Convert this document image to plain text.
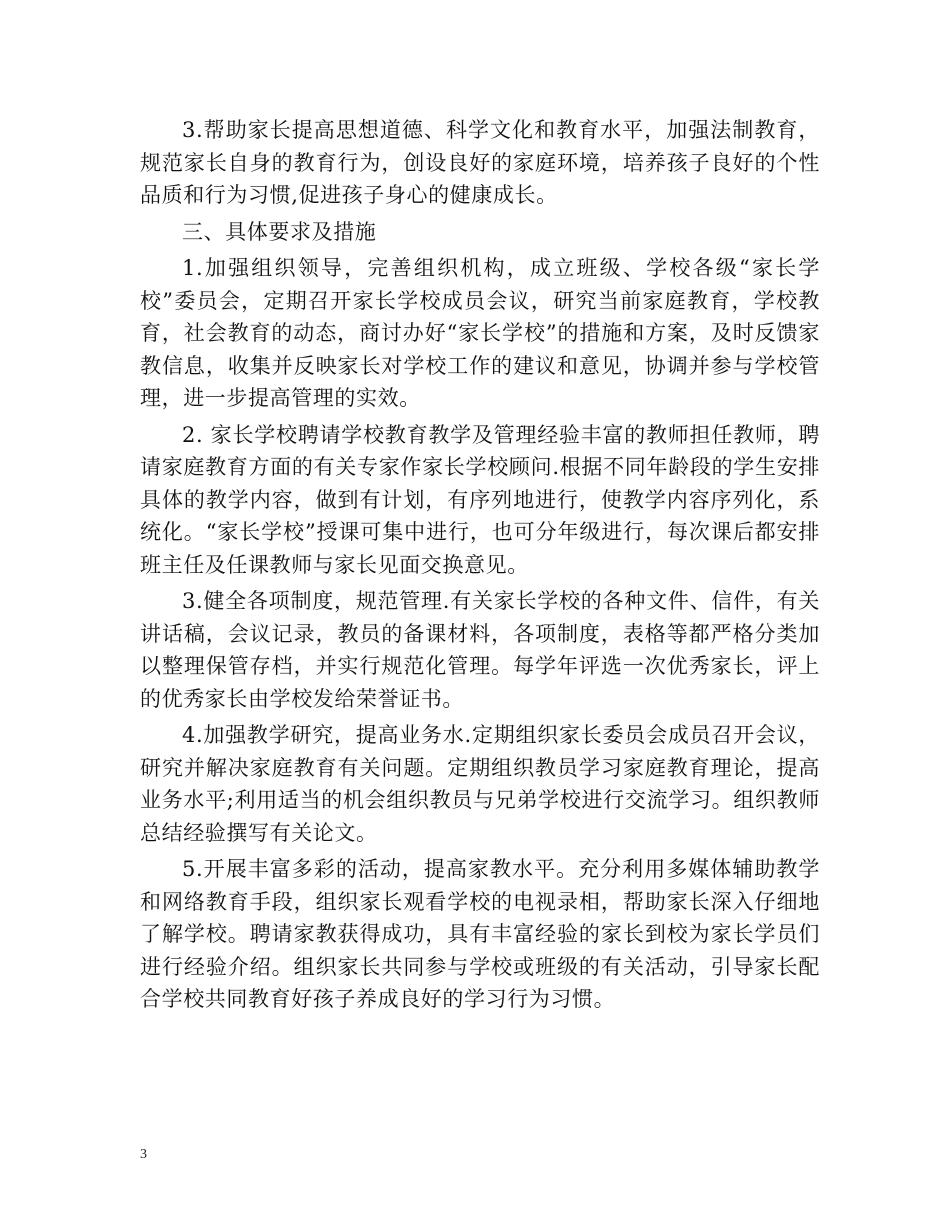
3.帮助家长提高思想道德、科学文化和教育水平，加强法制教育，规范家长自身的教育行为，创设良好的家庭环境，培养孩子良好的个性品质和行为习惯,促进孩子身心的健康成长。

三、具体要求及措施

1.加强组织领导，完善组织机构，成立班级、学校各级“家长学校”委员会，定期召开家长学校成员会议，研究当前家庭教育，学校教育，社会教育的动态，商讨办好“家长学校”的措施和方案，及时反馈家教信息，收集并反映家长对学校工作的建议和意见，协调并参与学校管理，进一步提高管理的实效。

2. 家长学校聘请学校教育教学及管理经验丰富的教师担任教师，聘请家庭教育方面的有关专家作家长学校顾问.根据不同年龄段的学生安排具体的教学内容，做到有计划，有序列地进行，使教学内容序列化，系统化。“家长学校”授课可集中进行，也可分年级进行，每次课后都安排班主任及任课教师与家长见面交换意见。

3.健全各项制度，规范管理.有关家长学校的各种文件、信件，有关讲话稿，会议记录，教员的备课材料，各项制度，表格等都严格分类加以整理保管存档，并实行规范化管理。每学年评选一次优秀家长，评上的优秀家长由学校发给荣誉证书。

4.加强教学研究，提高业务水.定期组织家长委员会成员召开会议，研究并解决家庭教育有关问题。定期组织教员学习家庭教育理论，提高业务水平;利用适当的机会组织教员与兄弟学校进行交流学习。组织教师总结经验撰写有关论文。

5.开展丰富多彩的活动，提高家教水平。充分利用多媒体辅助教学和网络教育手段，组织家长观看学校的电视录相，帮助家长深入仔细地了解学校。聘请家教获得成功，具有丰富经验的家长到校为家长学员们进行经验介绍。组织家长共同参与学校或班级的有关活动，引导家长配合学校共同教育好孩子养成良好的学习行为习惯。

3
